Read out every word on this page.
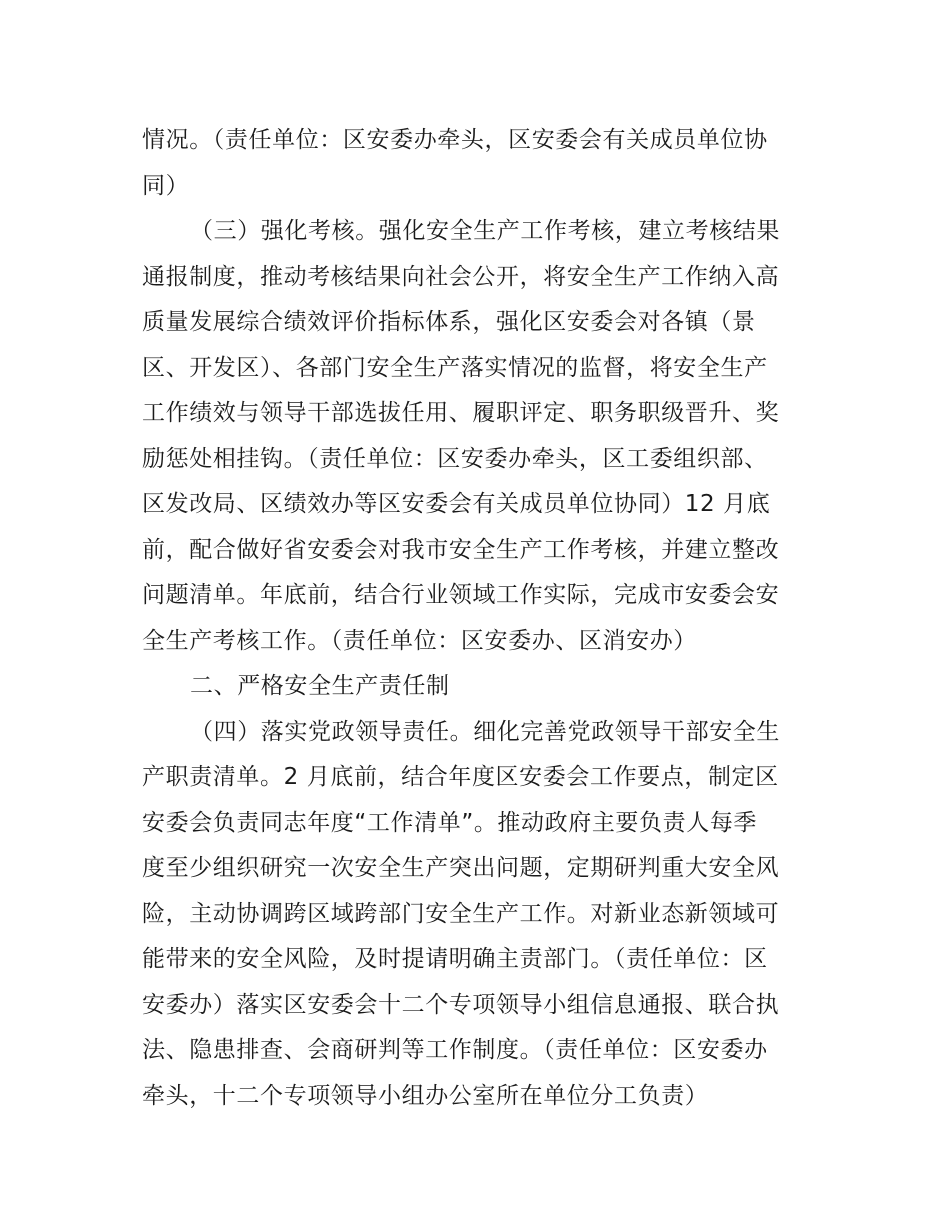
情况。（责任单位：区安委办牵头，区安委会有关成员单位协
同）
（三）强化考核。强化安全生产工作考核，建立考核结果
通报制度，推动考核结果向社会公开，将安全生产工作纳入高
质量发展综合绩效评价指标体系，强化区安委会对各镇（景
区、开发区）、各部门安全生产落实情况的监督，将安全生产
工作绩效与领导干部选拔任用、履职评定、职务职级晋升、奖
励惩处相挂钩。（责任单位：区安委办牵头，区工委组织部、
区发改局、区绩效办等区安委会有关成员单位协同）12 月底
前，配合做好省安委会对我市安全生产工作考核，并建立整改
问题清单。年底前，结合行业领域工作实际，完成市安委会安
全生产考核工作。（责任单位：区安委办、区消安办）
二、严格安全生产责任制
（四）落实党政领导责任。细化完善党政领导干部安全生
产职责清单。2 月底前，结合年度区安委会工作要点，制定区
安委会负责同志年度“工作清单”。推动政府主要负责人每季
度至少组织研究一次安全生产突出问题，定期研判重大安全风
险，主动协调跨区域跨部门安全生产工作。对新业态新领域可
能带来的安全风险，及时提请明确主责部门。（责任单位：区
安委办）落实区安委会十二个专项领导小组信息通报、联合执
法、隐患排查、会商研判等工作制度。（责任单位：区安委办
牵头，十二个专项领导小组办公室所在单位分工负责）
